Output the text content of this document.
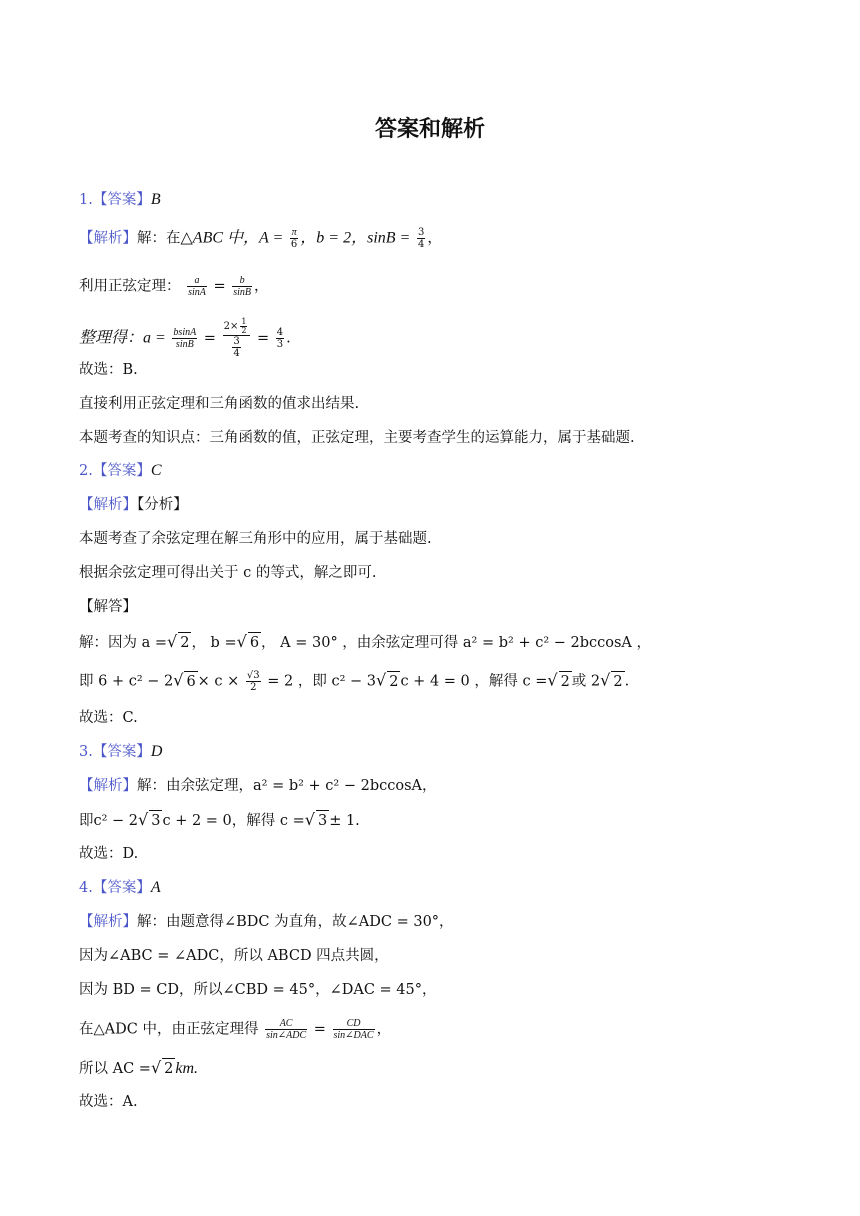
答案和解析
1.【答案】B
【解析】解：在△ABC 中，$A = \frac{\pi}{6}$ ，b = 2，$\sin B = \frac{3}{4}$ ，
利用正弦定理： $\frac{a}{\sin A} = \frac{b}{\sin B}$ ，
整理得：$a = \frac{bsinA}{\sin B} = \frac{2\times \frac{1}{2}}{\frac{3}{4}} = \frac{4}{3}$ .
故选：B.
直接利用正弦定理和三角函数的值求出结果.
本题考查的知识点：三角函数的值，正弦定理，主要考查学生的运算能力，属于基础题.
2.【答案】C
【解析】【分析】
本题考查了余弦定理在解三角形中的应用，属于基础题.
根据余弦定理可得出关于 c 的等式，解之即可.
【解答】
解：因为 a =√ 2 ， b =√ 6 ， A = 30° ，由余弦定理可得 a² = b² + c² − 2bccosA ，
即 6 + c² − 2√ $6 \times c \times \frac{√3}{2} = 2$ ，即 c² − 3√ 2 c + 4 = 0 ，解得 c =√ 2 或 2√ 2 .
故选：C.
3.【答案】D
【解析】解：由余弦定理，a² = b² + c² − 2bccosA，
即c² − 2√ 3 c + 2 = 0，解得 c =√ 3 ± 1.
故选：D.
4.【答案】A
【解析】解：由题意得∠BDC 为直角，故∠ADC = 30°，
因为∠ABC = ∠ADC，所以 ABCD 四点共圆，
因为 BD = CD，所以∠CBD = 45°，∠DAC = 45°，
在△ADC 中，由正弦定理得 $\frac{AC}{\text{sin∠ADC}} = \frac{CD}{\text{sin∠DAC}}$ ，
所以 AC =√ 2 km.
故选：A.
